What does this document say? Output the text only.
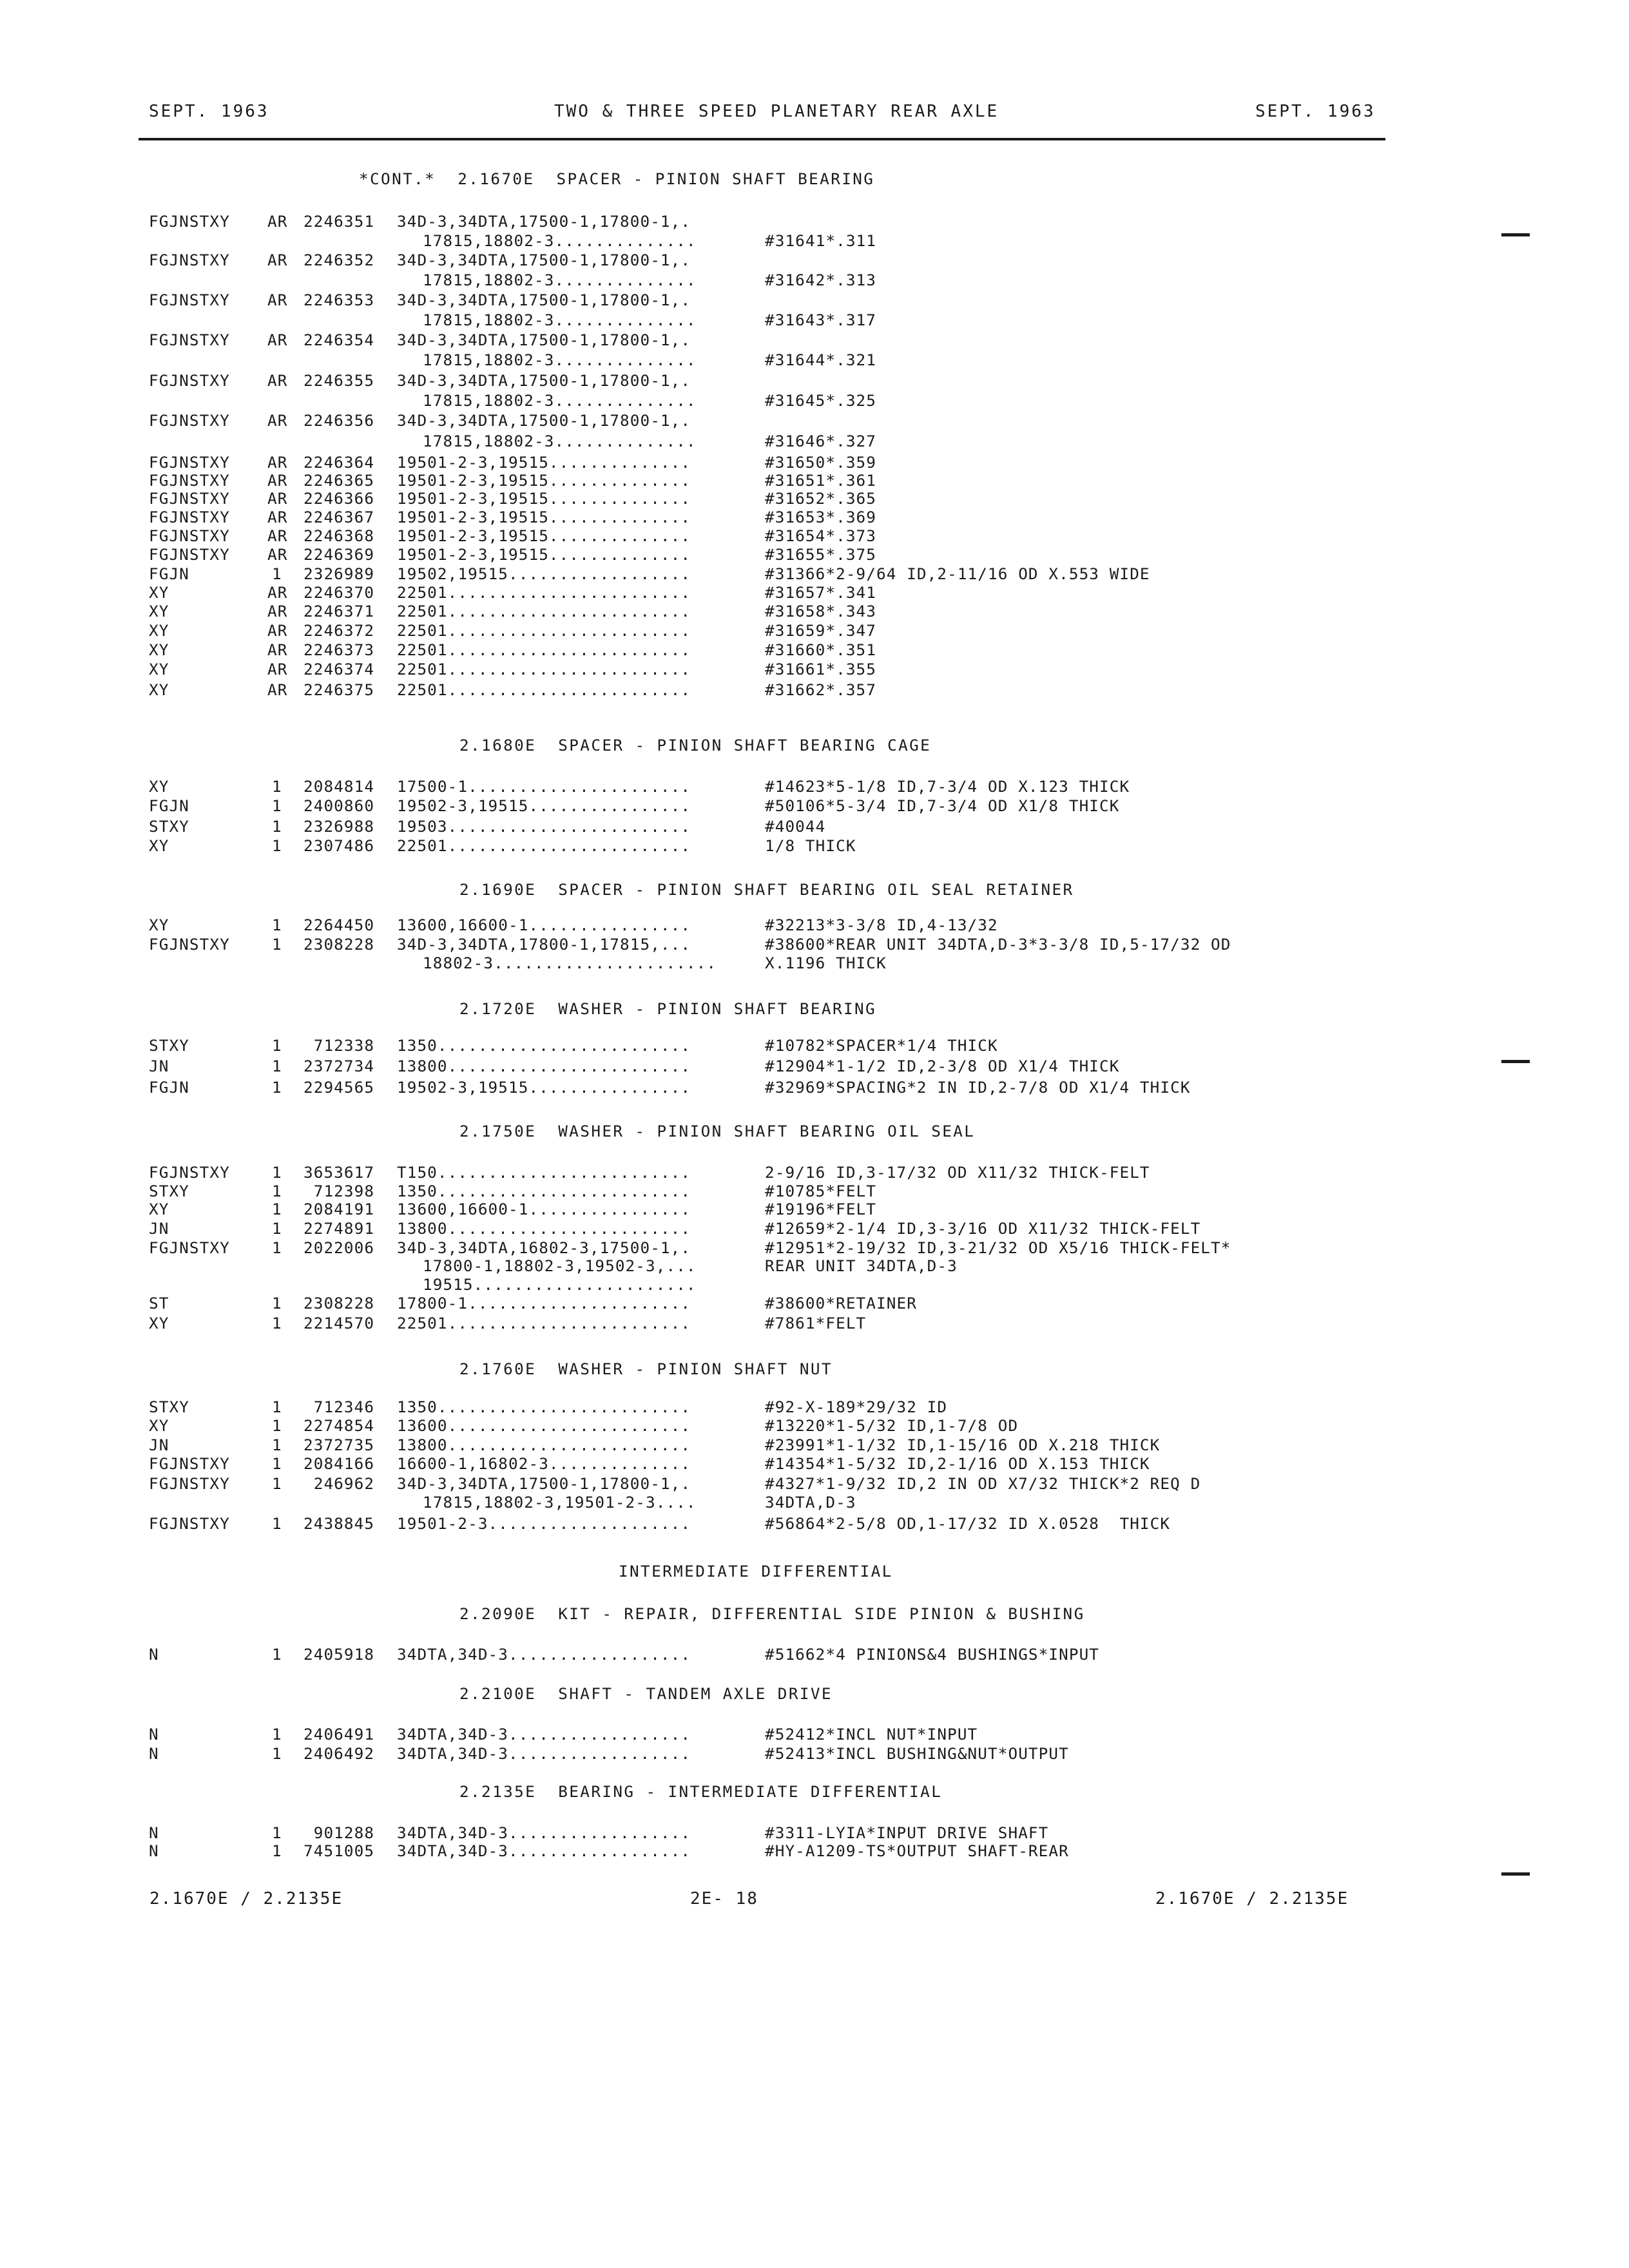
SEPT. 1963	TWO & THREE SPEED PLANETARY REAR AXLE	SEPT. 1963
*CONT.*  2.1670E  SPACER - PINION SHAFT BEARING
FGJNSTXY AR 2246351 34D-3,34DTA,17500-1,17800-1,.
17815,18802-3..............	#31641*.311
FGJNSTXY AR 2246352 34D-3,34DTA,17500-1,17800-1,.
17815,18802-3..............	#31642*.313
FGJNSTXY AR 2246353 34D-3,34DTA,17500-1,17800-1,.
17815,18802-3..............	#31643*.317
FGJNSTXY AR 2246354 34D-3,34DTA,17500-1,17800-1,.
17815,18802-3..............	#31644*.321
FGJNSTXY AR 2246355 34D-3,34DTA,17500-1,17800-1,.
17815,18802-3..............	#31645*.325
FGJNSTXY AR 2246356 34D-3,34DTA,17500-1,17800-1,.
17815,18802-3..............	#31646*.327
FGJNSTXY AR 2246364 19501-2-3,19515..............	#31650*.359
FGJNSTXY AR 2246365 19501-2-3,19515..............	#31651*.361
FGJNSTXY AR 2246366 19501-2-3,19515..............	#31652*.365
FGJNSTXY AR 2246367 19501-2-3,19515..............	#31653*.369
FGJNSTXY AR 2246368 19501-2-3,19515..............	#31654*.373
FGJNSTXY AR 2246369 19501-2-3,19515..............	#31655*.375
FGJN	1 2326989 19502,19515..................	#31366*2-9/64 ID,2-11/16 OD X.553 WIDE
XY	AR 2246370 22501........................	#31657*.341
XY	AR 2246371 22501........................	#31658*.343
XY	AR 2246372 22501........................	#31659*.347
XY	AR 2246373 22501........................	#31660*.351
XY	AR 2246374 22501........................	#31661*.355
XY	AR 2246375 22501........................	#31662*.357
2.1680E  SPACER - PINION SHAFT BEARING CAGE
XY	1 2084814 17500-1......................	#14623*5-1/8 ID,7-3/4 OD X.123 THICK
FGJN	1 2400860 19502-3,19515................	#50106*5-3/4 ID,7-3/4 OD X1/8 THICK
STXY	1 2326988 19503........................	#40044
XY	1 2307486 22501........................	1/8 THICK
2.1690E  SPACER - PINION SHAFT BEARING OIL SEAL RETAINER
XY	1 2264450 13600,16600-1................	#32213*3-3/8 ID,4-13/32
FGJNSTXY	1 2308228 34D-3,34DTA,17800-1,17815,...	#38600*REAR UNIT 34DTA,D-3*3-3/8 ID,5-17/32 OD
18802-3......................	X.1196 THICK
2.1720E  WASHER - PINION SHAFT BEARING
STXY	1 712338 1350.........................	#10782*SPACER*1/4 THICK
JN	1 2372734 13800........................	#12904*1-1/2 ID,2-3/8 OD X1/4 THICK
FGJN	1 2294565 19502-3,19515................	#32969*SPACING*2 IN ID,2-7/8 OD X1/4 THICK
2.1750E  WASHER - PINION SHAFT BEARING OIL SEAL
FGJNSTXY	1 3653617 T150.........................	2-9/16 ID,3-17/32 OD X11/32 THICK-FELT
STXY	1 712398 1350.........................	#10785*FELT
XY	1 2084191 13600,16600-1................	#19196*FELT
JN	1 2274891 13800........................	#12659*2-1/4 ID,3-3/16 OD X11/32 THICK-FELT
FGJNSTXY	1 2022006 34D-3,34DTA,16802-3,17500-1,.	#12951*2-19/32 ID,3-21/32 OD X5/16 THICK-FELT*
17800-1,18802-3,19502-3,...	REAR UNIT 34DTA,D-3
19515......................
ST	1 2308228 17800-1......................	#38600*RETAINER
XY	1 2214570 22501........................	#7861*FELT
2.1760E  WASHER - PINION SHAFT NUT
STXY	1 712346 1350.........................	#92-X-189*29/32 ID
XY	1 2274854 13600........................	#13220*1-5/32 ID,1-7/8 OD
JN	1 2372735 13800........................	#23991*1-1/32 ID,1-15/16 OD X.218 THICK
FGJNSTXY	1 2084166 16600-1,16802-3..............	#14354*1-5/32 ID,2-1/16 OD X.153 THICK
FGJNSTXY	1 246962 34D-3,34DTA,17500-1,17800-1,.	#4327*1-9/32 ID,2 IN OD X7/32 THICK*2 REQ D
17815,18802-3,19501-2-3....	34DTA,D-3
FGJNSTXY	1 2438845 19501-2-3....................	#56864*2-5/8 OD,1-17/32 ID X.0528  THICK
INTERMEDIATE DIFFERENTIAL
2.2090E  KIT - REPAIR, DIFFERENTIAL SIDE PINION & BUSHING
N	1 2405918 34DTA,34D-3..................	#51662*4 PINIONS&4 BUSHINGS*INPUT
2.2100E  SHAFT - TANDEM AXLE DRIVE
N	1 2406491 34DTA,34D-3..................	#52412*INCL NUT*INPUT
N	1 2406492 34DTA,34D-3..................	#52413*INCL BUSHING&NUT*OUTPUT
2.2135E  BEARING - INTERMEDIATE DIFFERENTIAL
N	1 901288 34DTA,34D-3..................	#3311-LYIA*INPUT DRIVE SHAFT
N	1 7451005 34DTA,34D-3..................	#HY-A1209-TS*OUTPUT SHAFT-REAR
2.1670E / 2.2135E	2E- 18	2.1670E / 2.2135E
